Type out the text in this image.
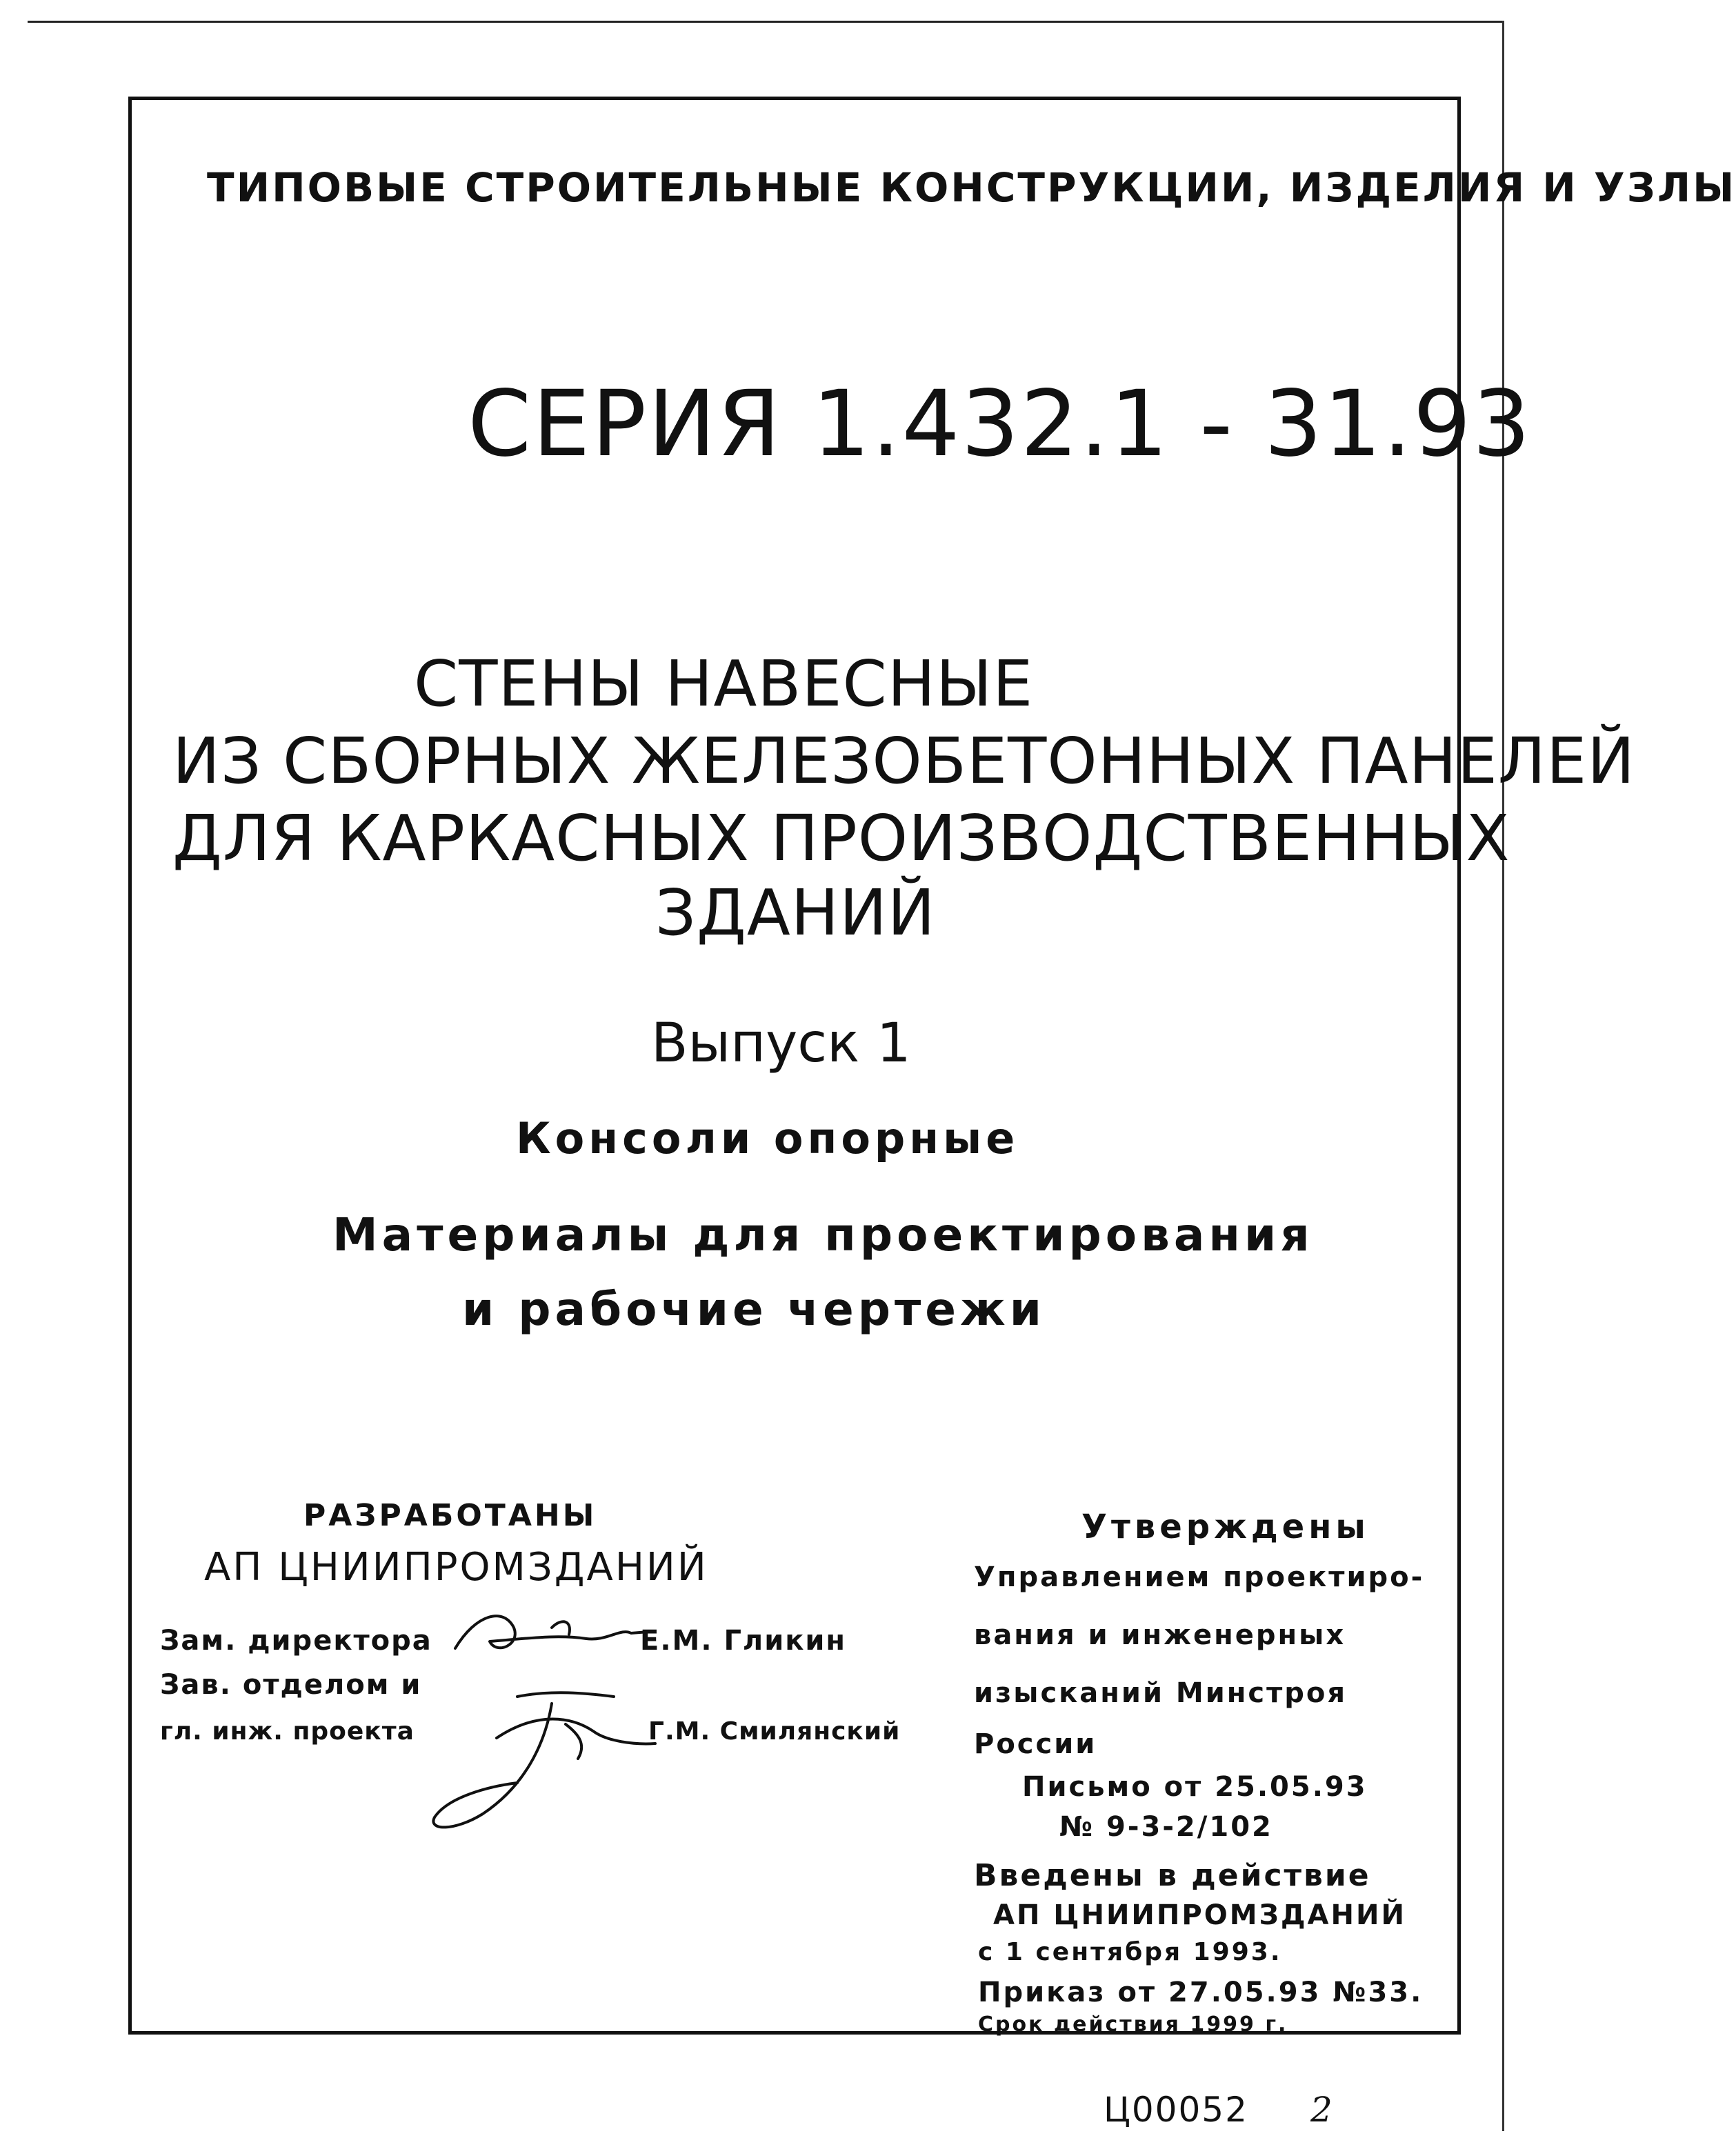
ТИПОВЫЕ СТРОИТЕЛЬНЫЕ КОНСТРУКЦИИ, ИЗДЕЛИЯ И УЗЛЫ
СЕРИЯ 1.432.1 - 31.93
СТЕНЫ НАВЕСНЫЕ
ИЗ СБОРНЫХ ЖЕЛЕЗОБЕТОННЫХ ПАНЕЛЕЙ
ДЛЯ КАРКАСНЫХ ПРОИЗВОДСТВЕННЫХ
ЗДАНИЙ
Выпуск 1
Консоли опорные
Материалы для проектирования
и рабочие чертежи
РАЗРАБОТАНЫ
АП ЦНИИПРОМЗДАНИЙ
Зам. директора	Е.М. Гликин
Зав. отделом и
гл. инж. проекта	Г.М. Смилянский
Утверждены
Управлением проектиро-
вания и инженерных
изысканий Минстроя
России
Письмо от 25.05.93
№ 9-3-2/102
Введены в действие
АП ЦНИИПРОМЗДАНИЙ
с 1 сентября 1993.
Приказ от 27.05.93 №33.
Срок действия 1999 г.
Ц00052 2
